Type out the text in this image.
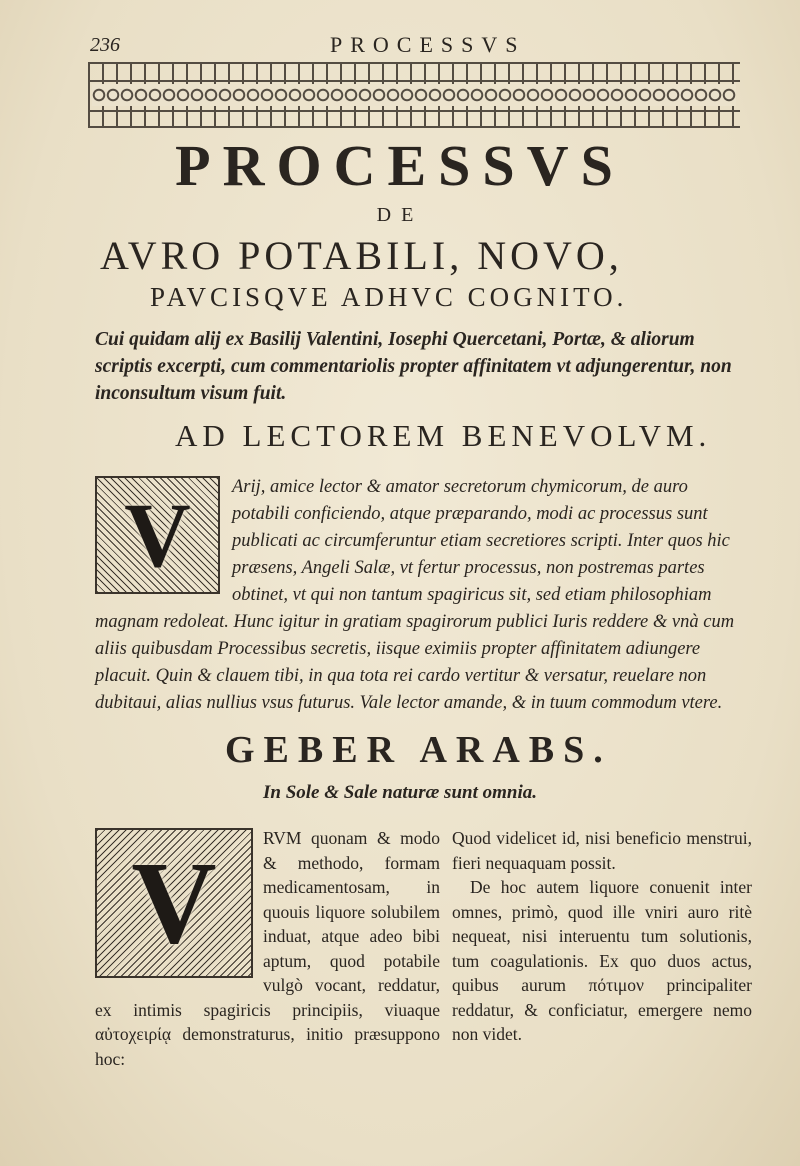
236	PROCESSVS
PROCESSVS
DE
AVRO POTABILI, NOVO,
PAVCISQVE ADHVC COGNITO.
Cui quidam alij ex Basilij Valentini, Iosephi Quercetani, Portæ, & aliorum scriptis excerpti, cum commentariolis propter affinitatem vt adjungerentur, non inconsultum visum fuit.
AD LECTOREM BENEVOLVM.
V	Arij, amice lector & amator secretorum chymicorum, de auro potabili conficiendo, atque præparando, modi ac processus sunt publicati ac circumferuntur etiam secretiores scripti. Inter quos hic præsens, Angeli Salæ, vt fertur processus, non postremas partes obtinet, vt qui non tantum spagiricus sit, sed etiam philosophiam magnam redoleat. Hunc igitur in gratiam spagirorum publici Iuris reddere & vnà cum aliis quibusdam Processibus secretis, iisque eximiis propter affinitatem adiungere placuit. Quin & clauem tibi, in qua tota rei cardo vertitur & versatur, reuelare non dubitaui, alias nullius vsus futurus. Vale lector amande, & in tuum commodum vtere.
GEBER ARABS.
In Sole & Sale naturæ sunt omnia.
V	RVM quonam & modo & methodo, formam medicamentosam, in quouis liquore solubilem induat, atque adeo bibi aptum, quod potabile vulgò vocant, reddatur, ex intimis spagiricis principiis, viuaque αὐτοχειρίᾳ demonstraturus, initio præsuppono hoc:

Quod videlicet id, nisi beneficio menstrui, fieri nequaquam possit.

De hoc autem liquore conuenit inter omnes, primò, quod ille vniri auro ritè nequeat, nisi interuentu tum solutionis, tum coagulationis. Ex quo duos actus, quibus aurum πότιμον principaliter reddatur, & conficiatur, emergere nemo non videt.
